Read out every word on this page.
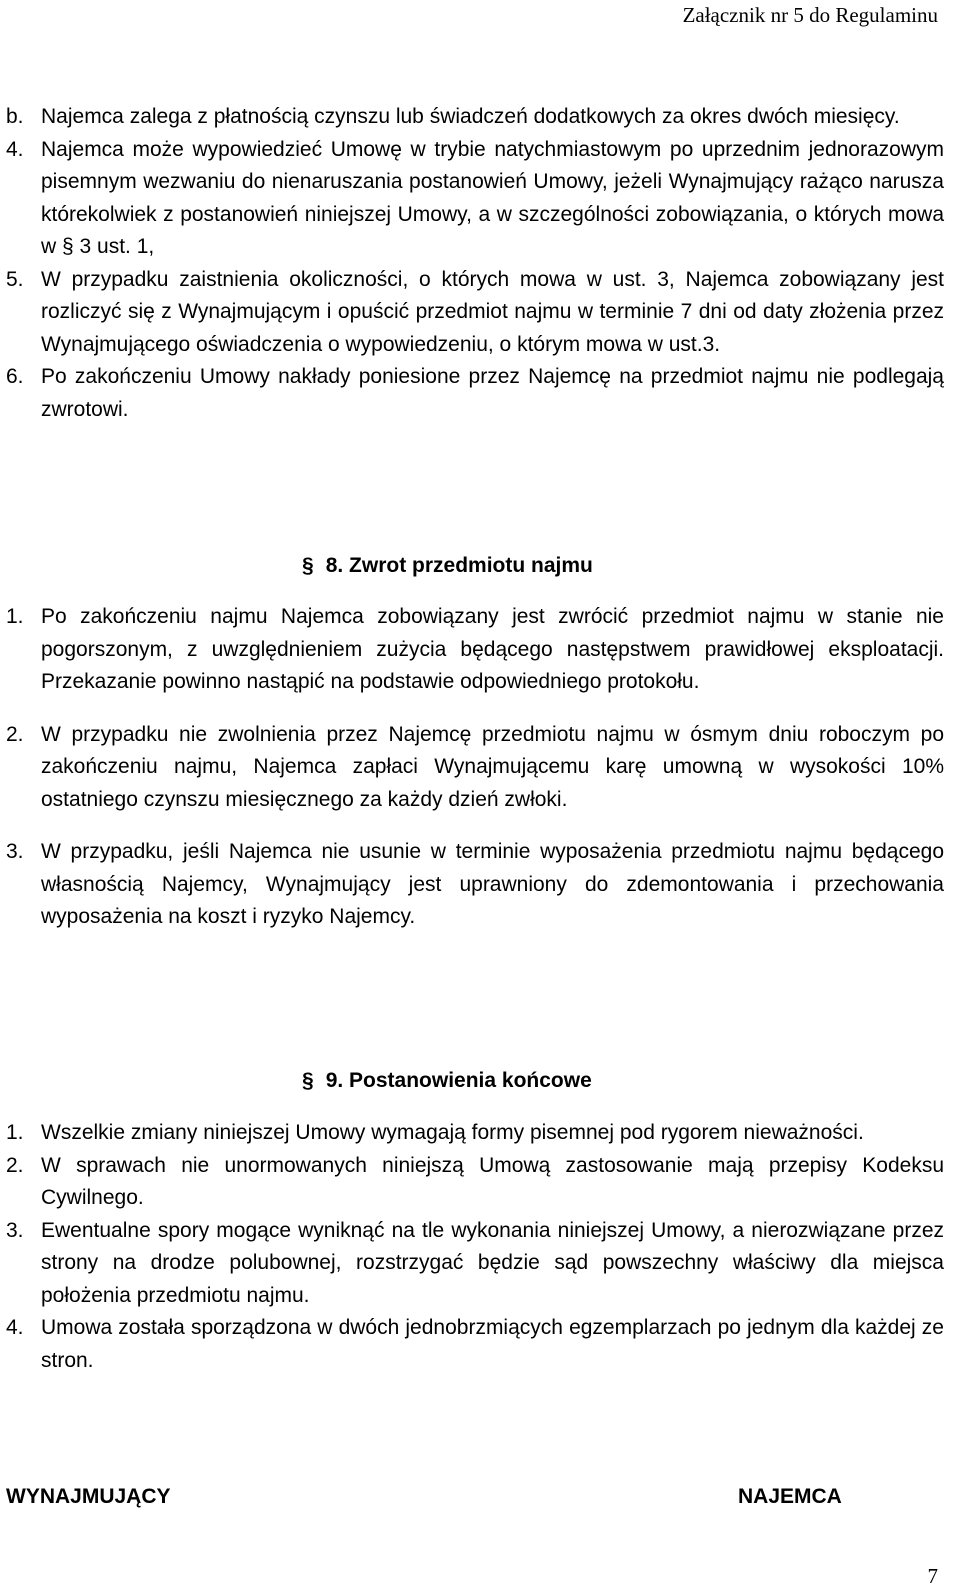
Załącznik nr 5 do Regulaminu
b. Najemca zalega z płatnością czynszu lub świadczeń dodatkowych za okres dwóch miesięcy.
4. Najemca może wypowiedzieć Umowę w trybie natychmiastowym po uprzednim jednorazowym pisemnym wezwaniu do nienaruszania postanowień Umowy, jeżeli Wynajmujący rażąco narusza którekolwiek z postanowień niniejszej Umowy, a w szczególności zobowiązania, o których mowa w § 3 ust. 1,
5. W przypadku zaistnienia okoliczności, o których mowa w ust. 3, Najemca zobowiązany jest rozliczyć się z Wynajmującym i opuścić przedmiot najmu w terminie 7 dni od daty złożenia przez Wynajmującego oświadczenia o wypowiedzeniu, o którym mowa w ust.3.
6. Po zakończeniu Umowy nakłady poniesione przez Najemcę na przedmiot najmu nie podlegają zwrotowi.
§ 8. Zwrot przedmiotu najmu
1. Po zakończeniu najmu Najemca zobowiązany jest zwrócić przedmiot najmu w stanie nie pogorszonym, z uwzględnieniem zużycia będącego następstwem prawidłowej eksploatacji. Przekazanie powinno nastąpić na podstawie odpowiedniego protokołu.
2. W przypadku nie zwolnienia przez Najemcę przedmiotu najmu w ósmym dniu roboczym po zakończeniu najmu, Najemca zapłaci Wynajmującemu karę umowną w wysokości 10% ostatniego czynszu miesięcznego za każdy dzień zwłoki.
3. W przypadku, jeśli Najemca nie usunie w terminie wyposażenia przedmiotu najmu będącego własnością Najemcy, Wynajmujący jest uprawniony do zdemontowania i przechowania wyposażenia na koszt i ryzyko Najemcy.
§ 9. Postanowienia końcowe
1. Wszelkie zmiany niniejszej Umowy wymagają formy pisemnej pod rygorem nieważności.
2. W sprawach nie unormowanych niniejszą Umową zastosowanie mają przepisy Kodeksu Cywilnego.
3. Ewentualne spory mogące wyniknąć na tle wykonania niniejszej Umowy, a nierozwiązane przez strony na drodze polubownej, rozstrzygać będzie sąd powszechny właściwy dla miejsca położenia przedmiotu najmu.
4. Umowa została sporządzona w dwóch jednobrzmiących egzemplarzach po jednym dla każdej ze stron.
WYNAJMUJĄCY	NAJEMCA
7
